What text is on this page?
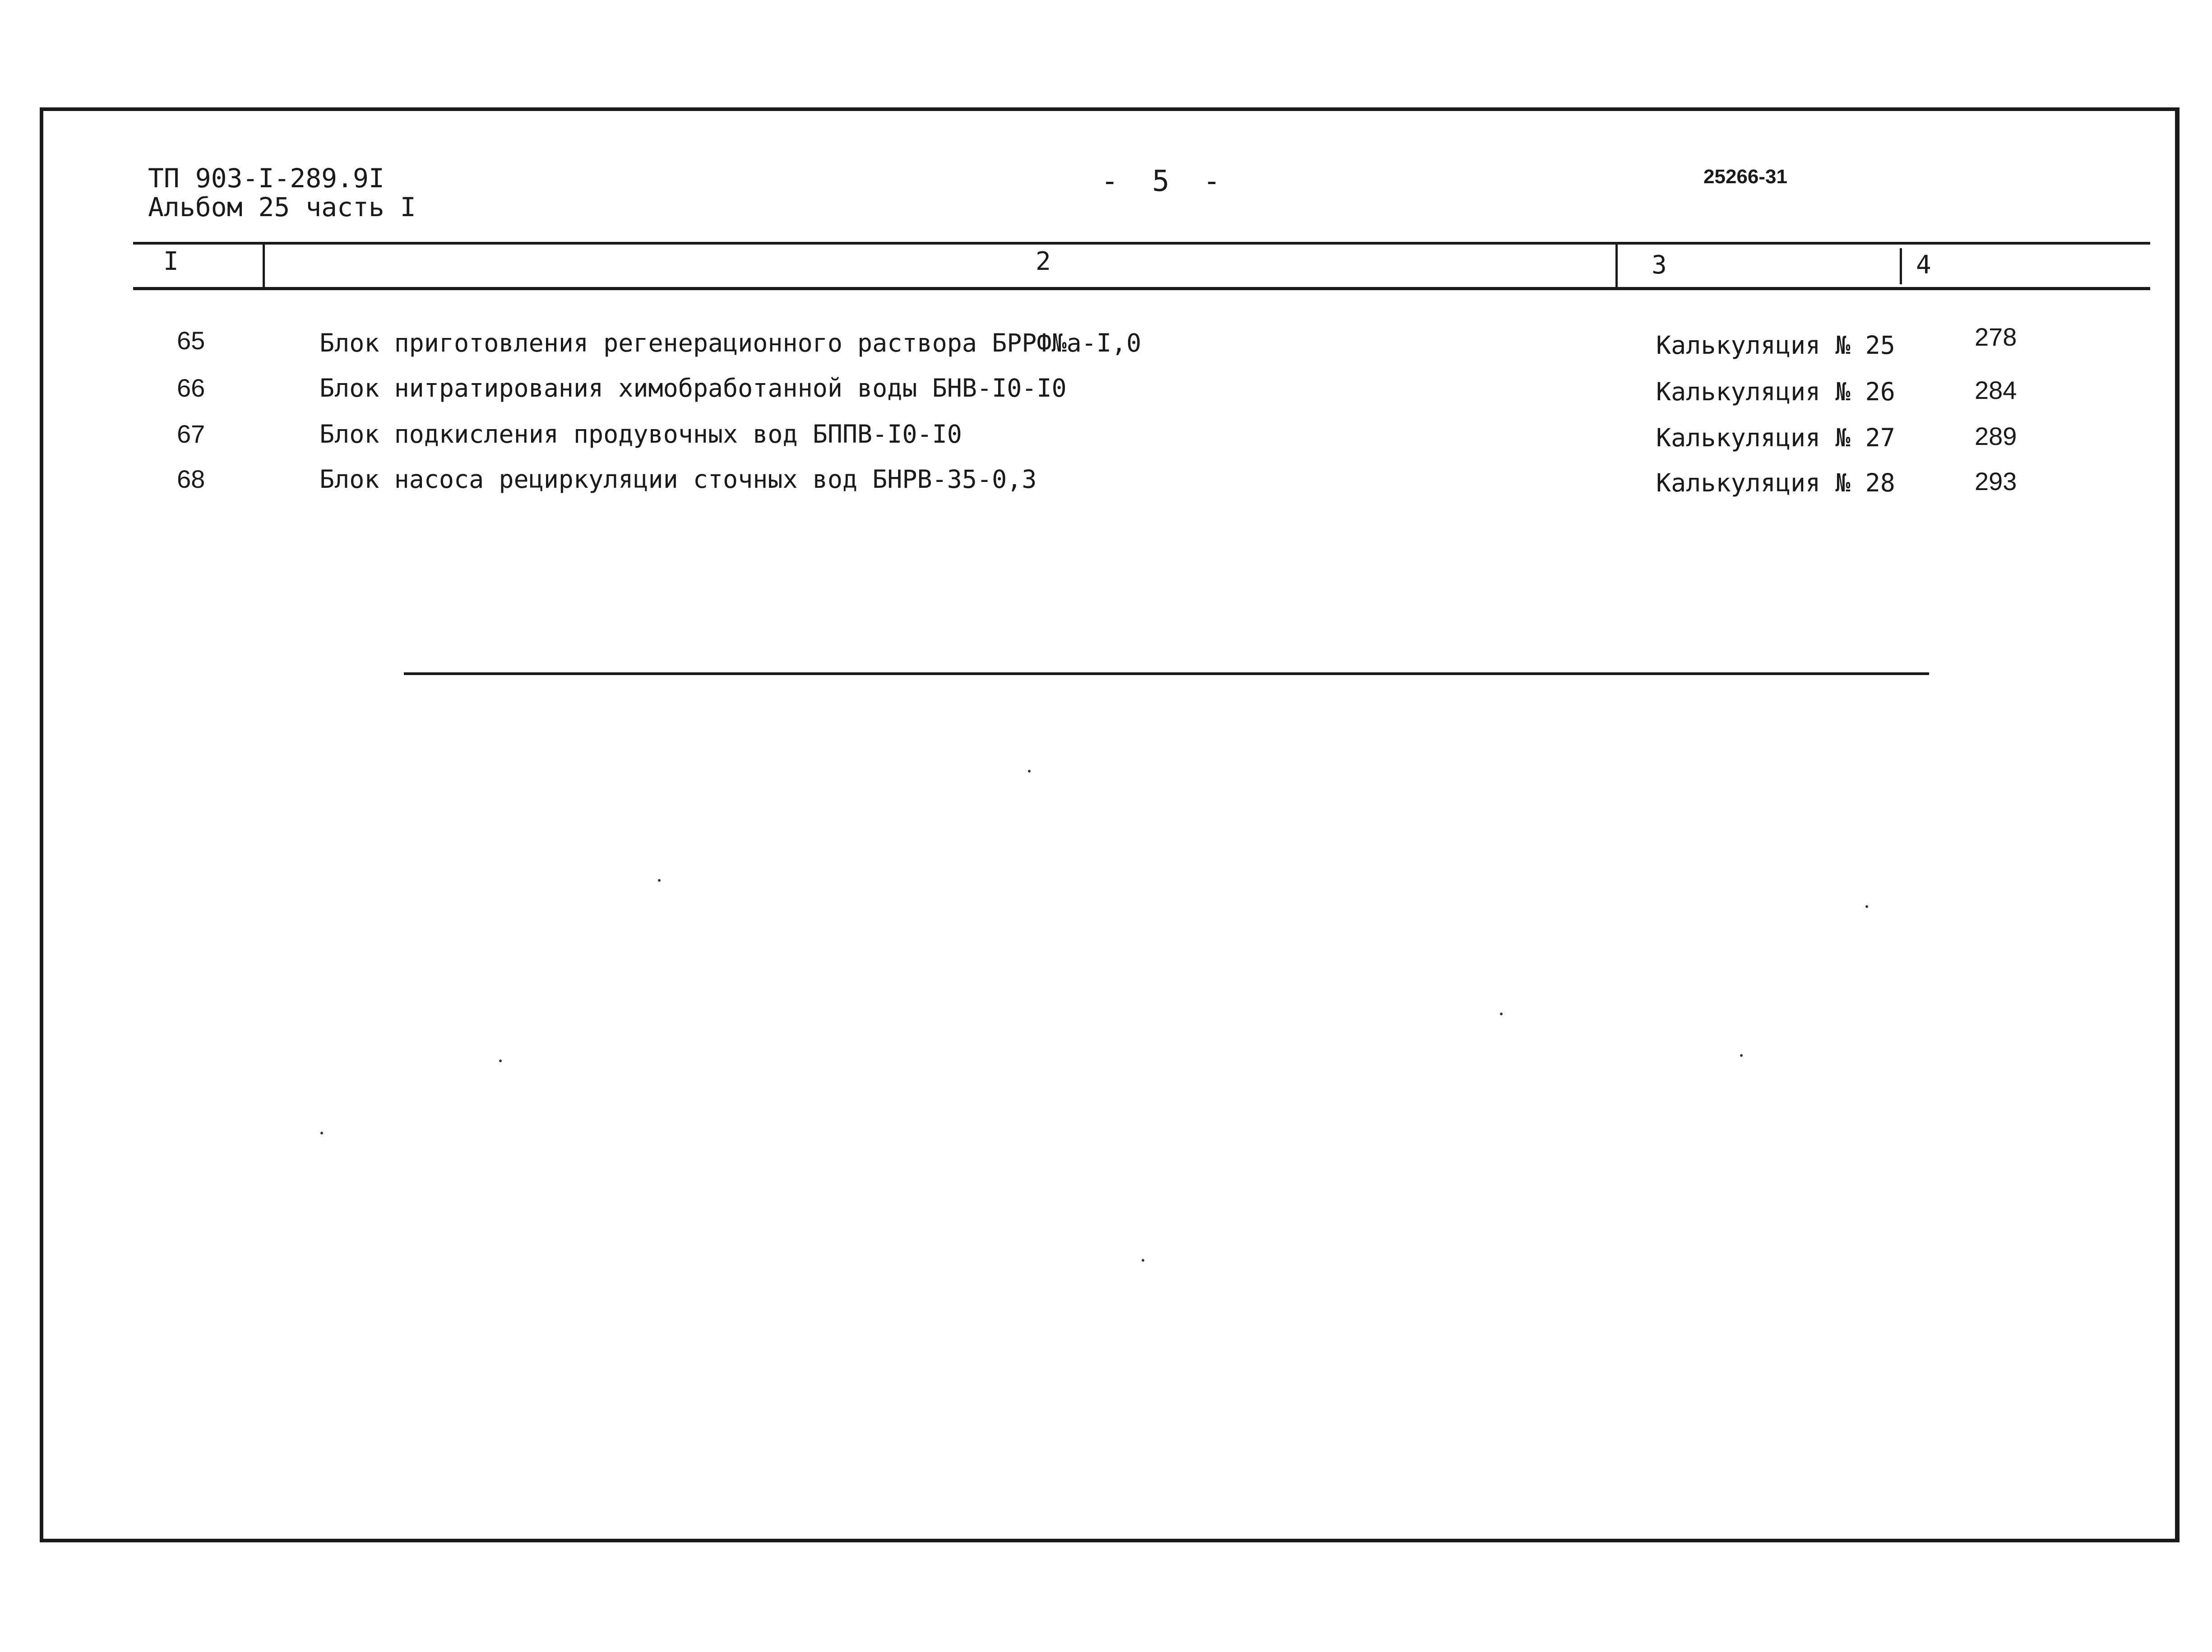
ТП 903-I-289.9I
Альбом 25 часть I
- 5 -	25266-31
I	2	3	4
65	Блок приготовления регенерационного раствора БРРФ№а-I,0	Калькуляция № 25	278
66	Блок нитратирования химобработанной воды БНВ-I0-I0	Калькуляция № 26	284
67	Блок подкисления продувочных вод БППВ-I0-I0	Калькуляция № 27	289
68	Блок насоса рециркуляции сточных вод БНРВ-35-0,3	Калькуляция № 28	293
